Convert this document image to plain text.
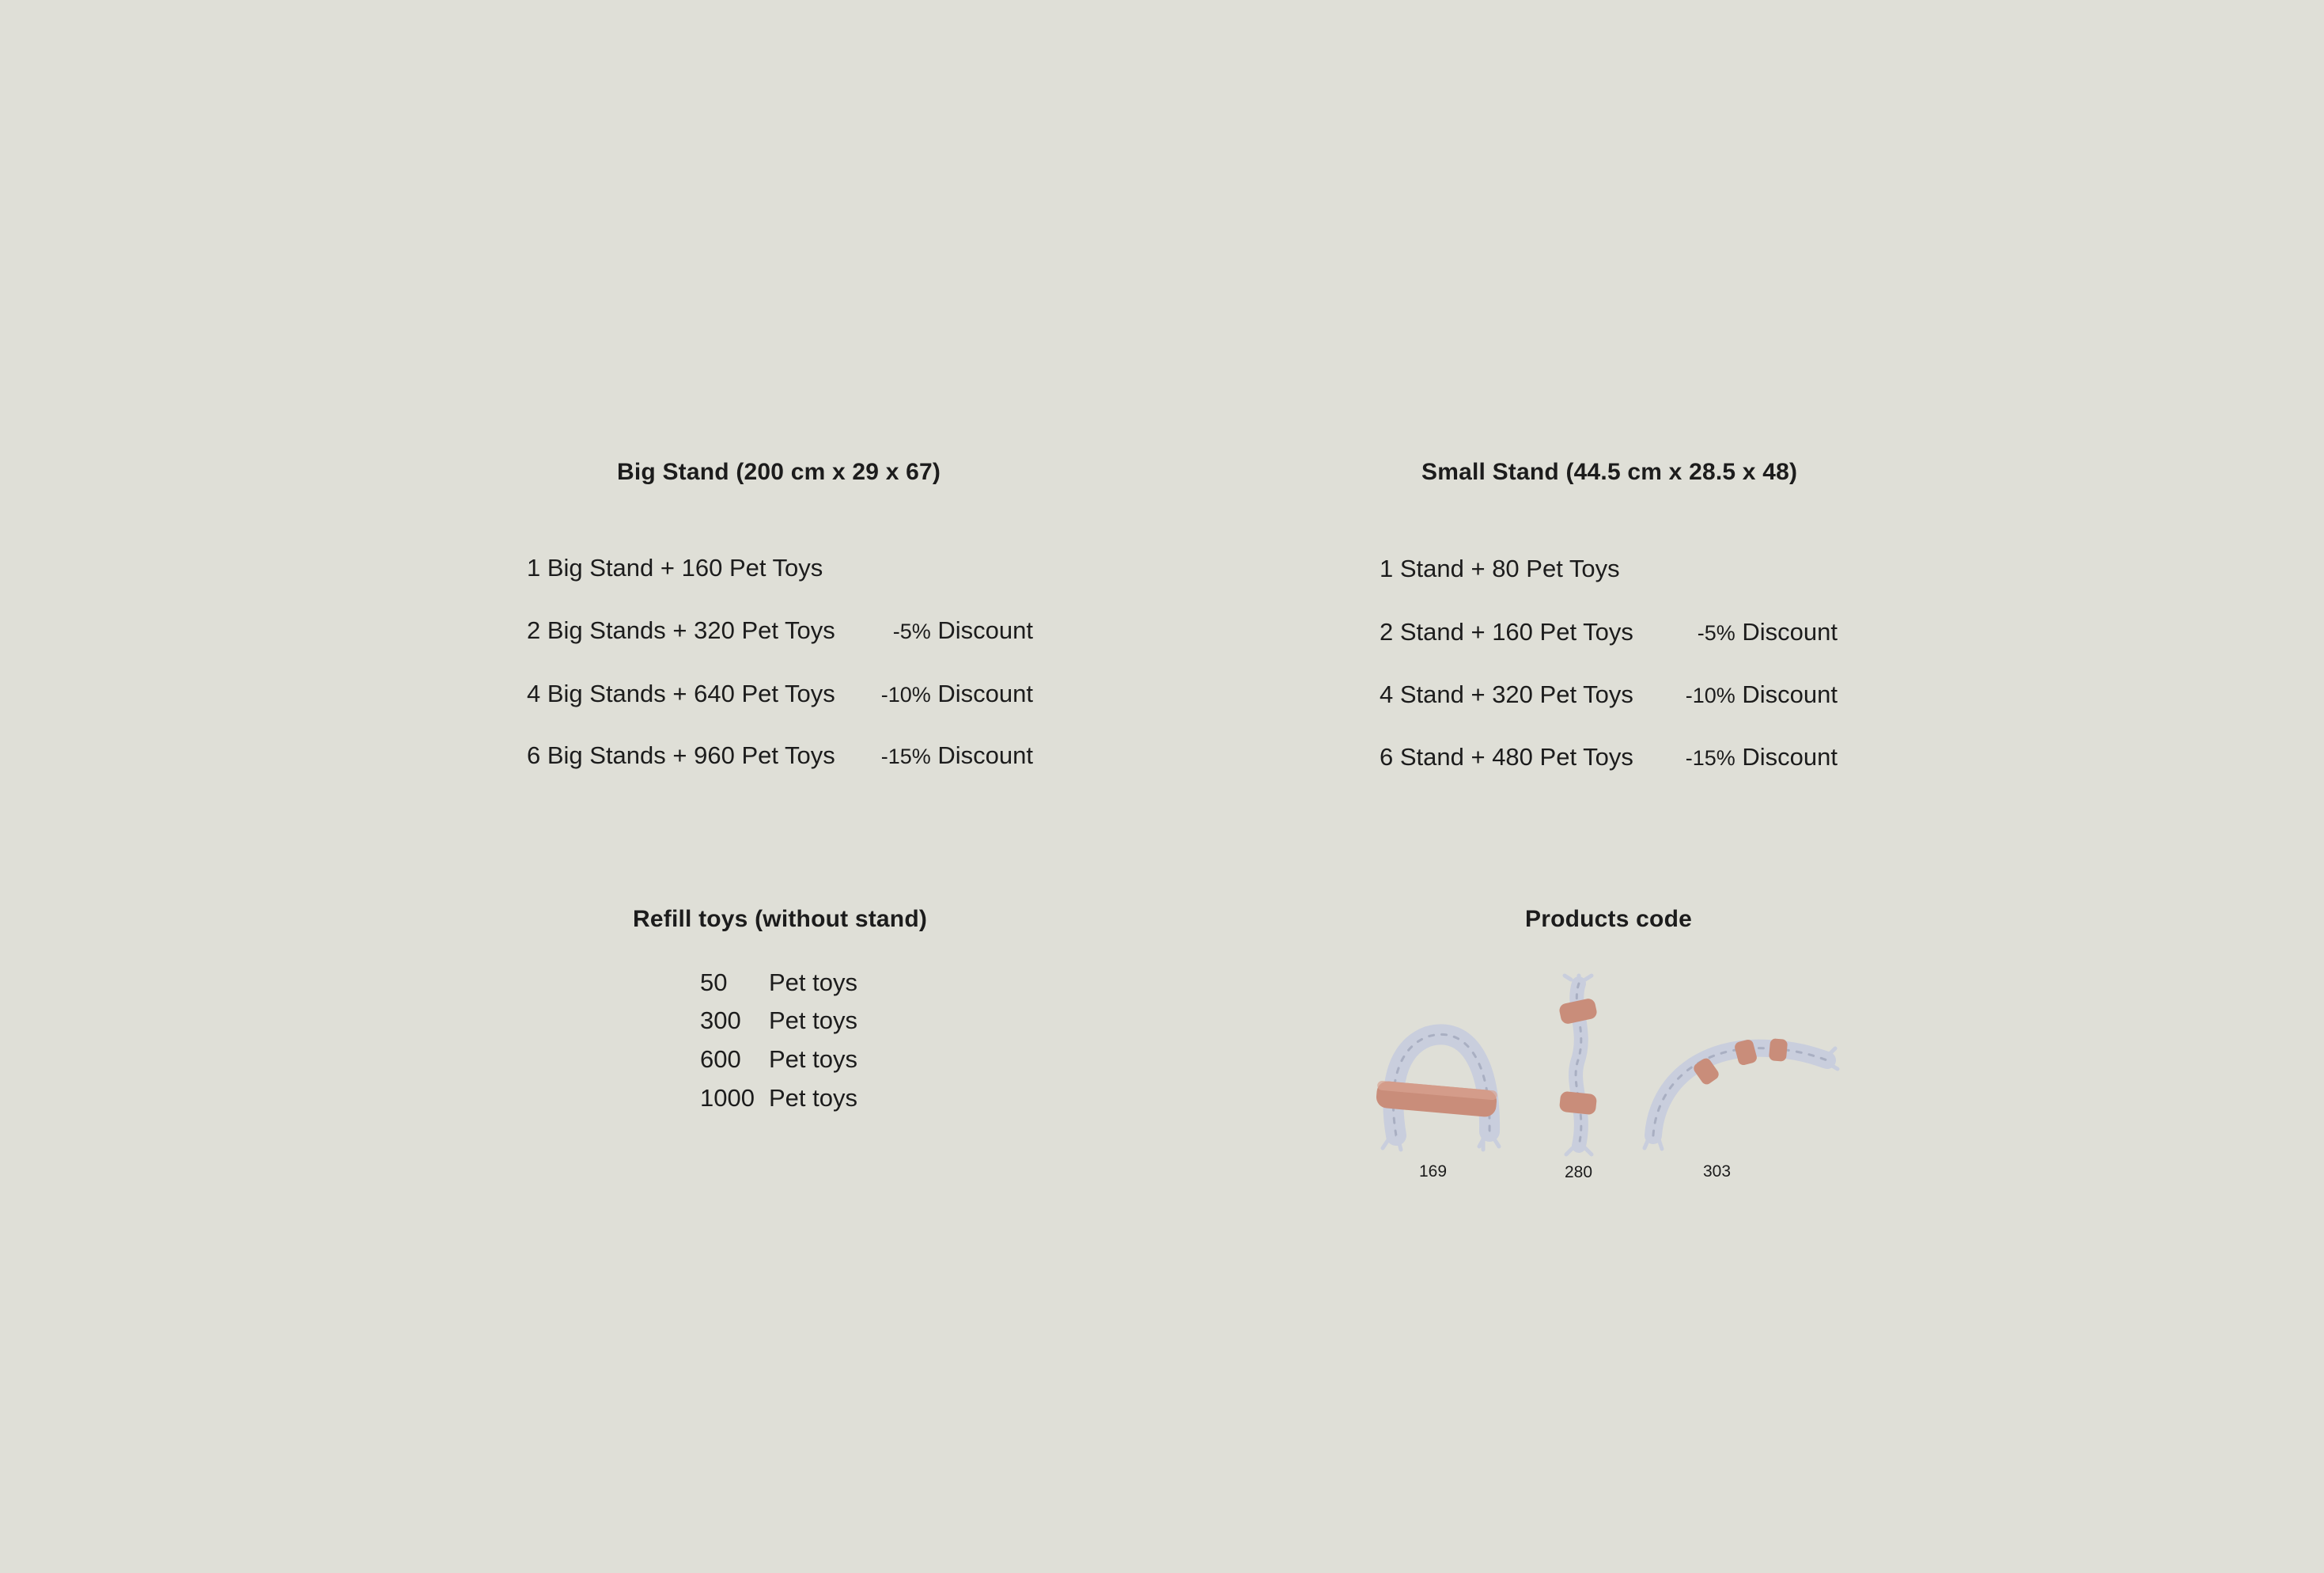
Big Stand (200 cm x 29 x 67)
1 Big Stand + 160 Pet Toys
2 Big Stands + 320 Pet Toys	-5% Discount
4 Big Stands + 640 Pet Toys -10% Discount
6 Big Stands + 960 Pet Toys -15% Discount
Small Stand (44.5 cm x 28.5 x 48)
1 Stand + 80 Pet Toys
2 Stand + 160 Pet Toys	-5% Discount
4 Stand + 320 Pet Toys -10% Discount
6 Stand + 480 Pet Toys -15% Discount
Refill toys (without stand)
50 Pet toys
300 Pet toys
600 Pet toys
1000 Pet toys
Products code
169	280	303
